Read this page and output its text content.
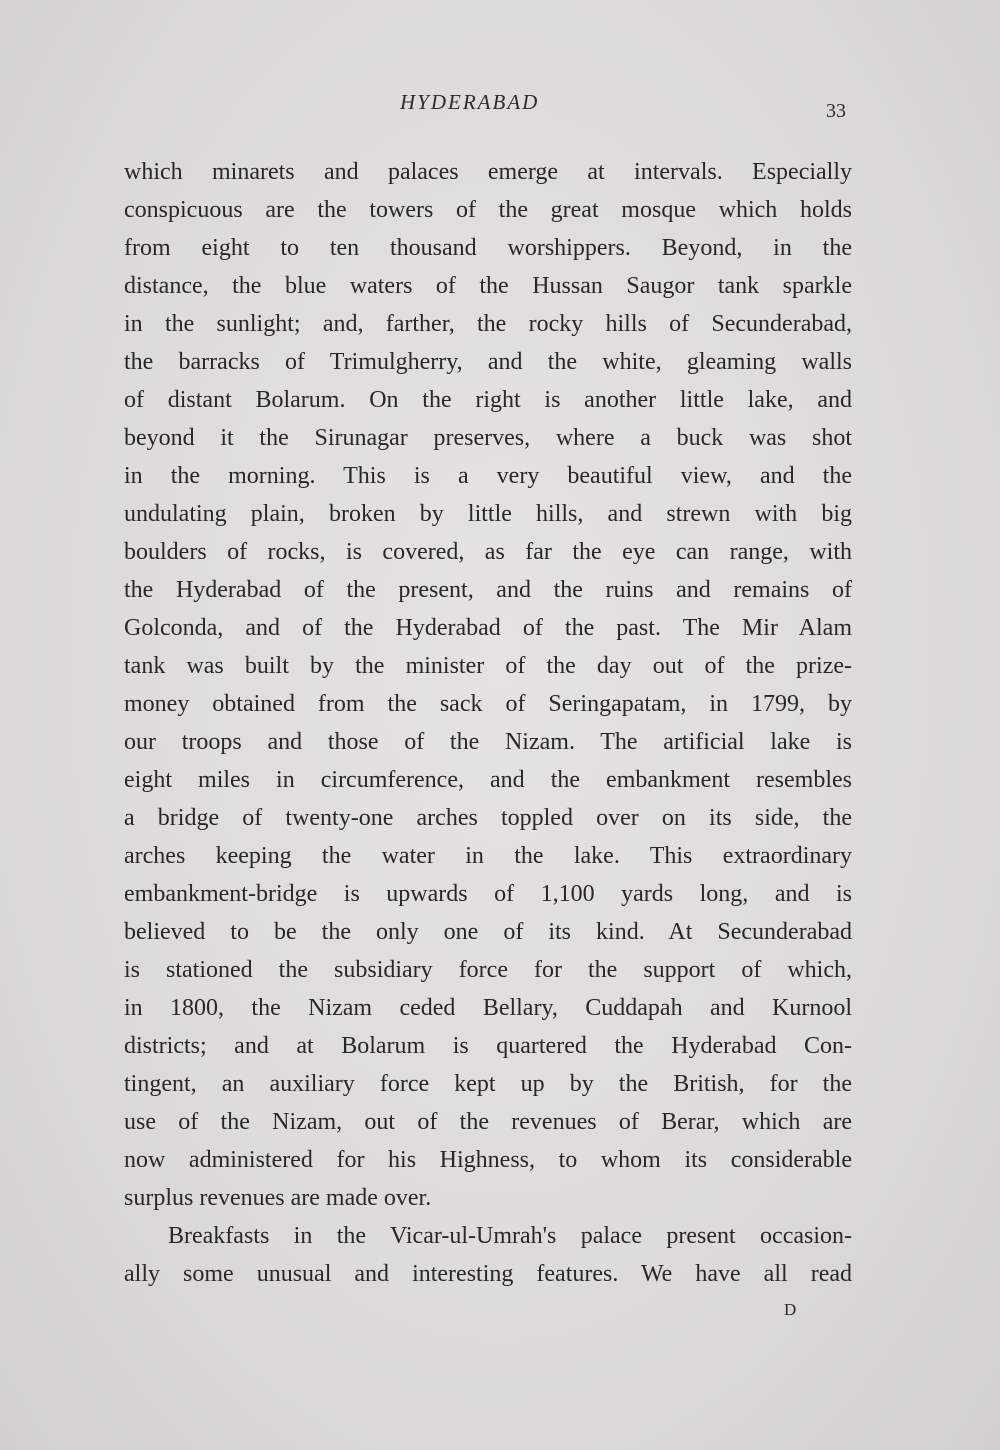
HYDERABAD	33
which minarets and palaces emerge at intervals. Especially
conspicuous are the towers of the great mosque which holds
from eight to ten thousand worshippers. Beyond, in the
distance, the blue waters of the Hussan Saugor tank sparkle
in the sunlight; and, farther, the rocky hills of Secunderabad,
the barracks of Trimulgherry, and the white, gleaming walls
of distant Bolarum. On the right is another little lake, and
beyond it the Sirunagar preserves, where a buck was shot
in the morning. This is a very beautiful view, and the
undulating plain, broken by little hills, and strewn with big
boulders of rocks, is covered, as far the eye can range, with
the Hyderabad of the present, and the ruins and remains of
Golconda, and of the Hyderabad of the past. The Mir Alam
tank was built by the minister of the day out of the prize-
money obtained from the sack of Seringapatam, in 1799, by
our troops and those of the Nizam. The artificial lake is
eight miles in circumference, and the embankment resembles
a bridge of twenty-one arches toppled over on its side, the
arches keeping the water in the lake. This extraordinary
embankment-bridge is upwards of 1,100 yards long, and is
believed to be the only one of its kind. At Secunderabad
is stationed the subsidiary force for the support of which,
in 1800, the Nizam ceded Bellary, Cuddapah and Kurnool
districts; and at Bolarum is quartered the Hyderabad Con-
tingent, an auxiliary force kept up by the British, for the
use of the Nizam, out of the revenues of Berar, which are
now administered for his Highness, to whom its considerable
surplus revenues are made over.
Breakfasts in the Vicar-ul-Umrah's palace present occasion-
ally some unusual and interesting features. We have all read
D
